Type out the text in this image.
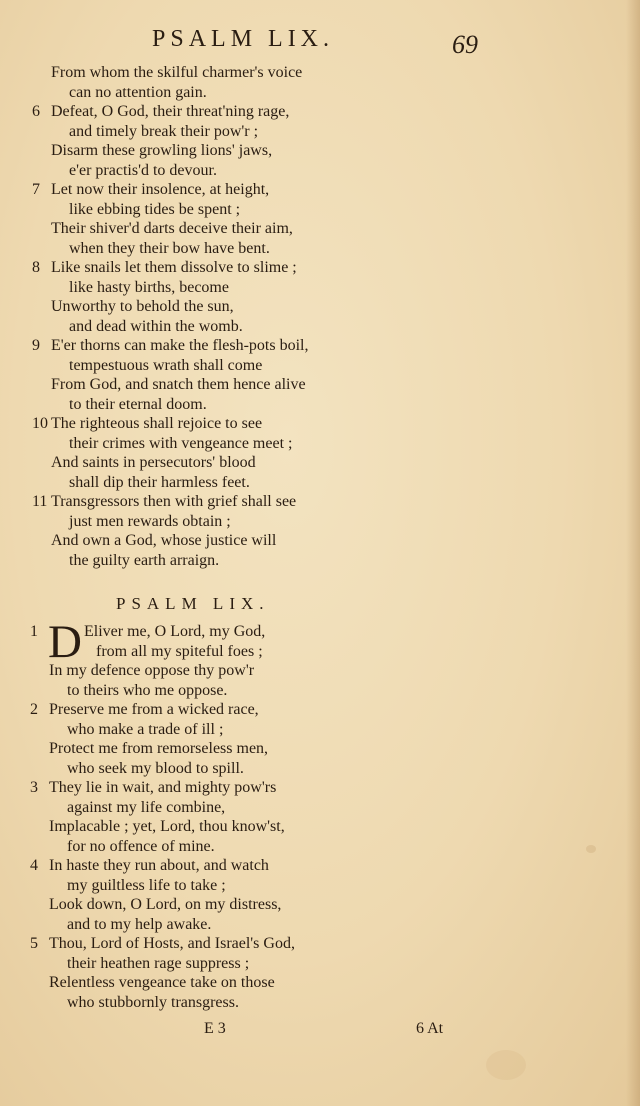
PSALM LIX.	69
From whom the skilful charmer's voice
can no attention gain.
6 Defeat, O God, their threat'ning rage,
and timely break their pow'r ;
Disarm these growling lions' jaws,
e'er practis'd to devour.
7 Let now their insolence, at height,
like ebbing tides be spent ;
Their shiver'd darts deceive their aim,
when they their bow have bent.
8 Like snails let them dissolve to slime ;
like hasty births, become
Unworthy to behold the sun,
and dead within the womb.
9 E'er thorns can make the flesh-pots boil,
tempestuous wrath shall come
From God, and snatch them hence alive
to their eternal doom.
10 The righteous shall rejoice to see
their crimes with vengeance meet ;
And saints in persecutors' blood
shall dip their harmless feet.
11 Transgressors then with grief shall see
just men rewards obtain ;
And own a God, whose justice will
the guilty earth arraign.
PSALM LIX.
D
1	Eliver me, O Lord, my God,
from all my spiteful foes ;
In my defence oppose thy pow'r
to theirs who me oppose.
2 Preserve me from a wicked race,
who make a trade of ill ;
Protect me from remorseless men,
who seek my blood to spill.
3 They lie in wait, and mighty pow'rs
against my life combine,
Implacable ; yet, Lord, thou know'st,
for no offence of mine.
4 In haste they run about, and watch
my guiltless life to take ;
Look down, O Lord, on my distress,
and to my help awake.
5 Thou, Lord of Hosts, and Israel's God,
their heathen rage suppress ;
Relentless vengeance take on those
who stubbornly transgress.
E 3	6 At
